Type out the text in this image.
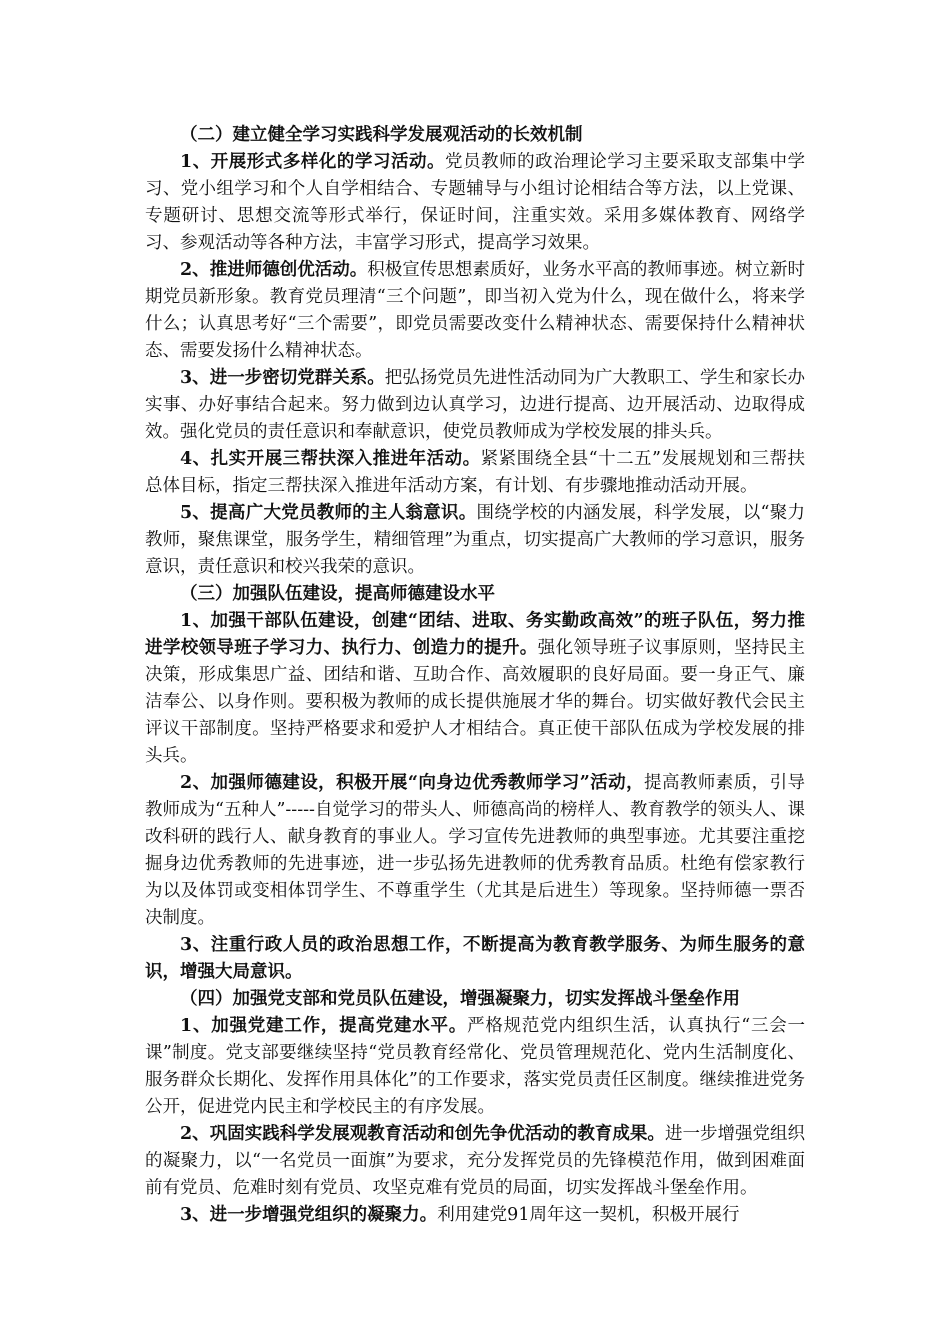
（二）建立健全学习实践科学发展观活动的长效机制

1、开展形式多样化的学习活动。党员教师的政治理论学习主要采取支部集中学习、党小组学习和个人自学相结合、专题辅导与小组讨论相结合等方法，以上党课、专题研讨、思想交流等形式举行，保证时间，注重实效。采用多媒体教育、网络学习、参观活动等各种方法，丰富学习形式，提高学习效果。

2、推进师德创优活动。积极宣传思想素质好，业务水平高的教师事迹。树立新时期党员新形象。教育党员理清“三个问题”，即当初入党为什么，现在做什么，将来学什么；认真思考好“三个需要”，即党员需要改变什么精神状态、需要保持什么精神状态、需要发扬什么精神状态。

3、进一步密切党群关系。把弘扬党员先进性活动同为广大教职工、学生和家长办实事、办好事结合起来。努力做到边认真学习，边进行提高、边开展活动、边取得成效。强化党员的责任意识和奉献意识，使党员教师成为学校发展的排头兵。

4、扎实开展三帮扶深入推进年活动。紧紧围绕全县“十二五”发展规划和三帮扶总体目标，指定三帮扶深入推进年活动方案，有计划、有步骤地推动活动开展。

5、提高广大党员教师的主人翁意识。围绕学校的内涵发展，科学发展，以“聚力教师，聚焦课堂，服务学生，精细管理”为重点，切实提高广大教师的学习意识，服务意识，责任意识和校兴我荣的意识。

（三）加强队伍建设，提高师德建设水平

1、加强干部队伍建设，创建“团结、进取、务实勤政高效”的班子队伍，努力推进学校领导班子学习力、执行力、创造力的提升。强化领导班子议事原则，坚持民主决策，形成集思广益、团结和谐、互助合作、高效履职的良好局面。要一身正气、廉洁奉公、以身作则。要积极为教师的成长提供施展才华的舞台。切实做好教代会民主评议干部制度。坚持严格要求和爱护人才相结合。真正使干部队伍成为学校发展的排头兵。

2、加强师德建设，积极开展“向身边优秀教师学习”活动，提高教师素质，引导教师成为“五种人”-----自觉学习的带头人、师德高尚的榜样人、教育教学的领头人、课改科研的践行人、献身教育的事业人。学习宣传先进教师的典型事迹。尤其要注重挖掘身边优秀教师的先进事迹，进一步弘扬先进教师的优秀教育品质。杜绝有偿家教行为以及体罚或变相体罚学生、不尊重学生（尤其是后进生）等现象。坚持师德一票否决制度。

3、注重行政人员的政治思想工作，不断提高为教育教学服务、为师生服务的意识，增强大局意识。

（四）加强党支部和党员队伍建设，增强凝聚力，切实发挥战斗堡垒作用

1、加强党建工作，提高党建水平。严格规范党内组织生活，认真执行“三会一课”制度。党支部要继续坚持“党员教育经常化、党员管理规范化、党内生活制度化、服务群众长期化、发挥作用具体化”的工作要求，落实党员责任区制度。继续推进党务公开，促进党内民主和学校民主的有序发展。

2、巩固实践科学发展观教育活动和创先争优活动的教育成果。进一步增强党组织的凝聚力，以“一名党员一面旗”为要求，充分发挥党员的先锋模范作用，做到困难面前有党员、危难时刻有党员、攻坚克难有党员的局面，切实发挥战斗堡垒作用。

3、进一步增强党组织的凝聚力。利用建党91周年这一契机，积极开展行
